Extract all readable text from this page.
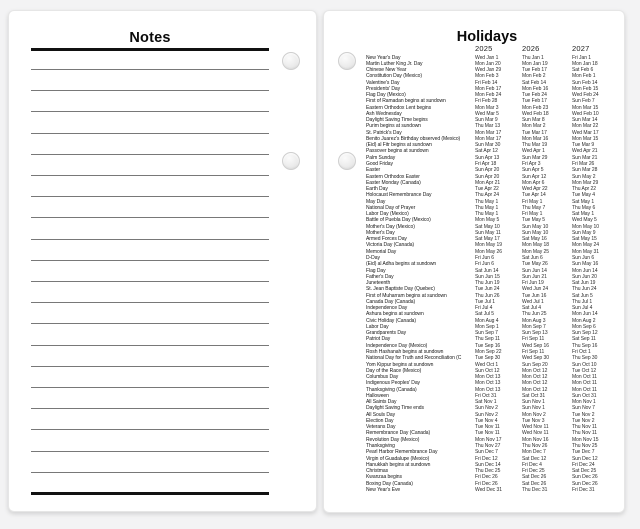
Notes	Holidays
2025	2026	2027
New Year's Day	Wed Jan 1	Thu Jan 1	Fri Jan 1
Martin Luther King Jr. Day	Mon Jan 20	Mon Jan 19	Mon Jan 18
Chinese New Year	Wed Jan 29	Tue Feb 17	Sat Feb 6
Constitution Day (Mexico)	Mon Feb 3	Mon Feb 2	Mon Feb 1
Valentine's Day	Fri Feb 14	Sat Feb 14	Sun Feb 14
Presidents' Day	Mon Feb 17	Mon Feb 16	Mon Feb 15
Flag Day (Mexico)	Mon Feb 24	Tue Feb 24	Wed Feb 24
First of Ramadan begins at sundown	Fri Feb 28	Tue Feb 17	Sun Feb 7
Eastern Orthodox Lent begins	Mon Mar 3	Mon Feb 23	Mon Mar 15
Ash Wednesday	Wed Mar 5	Wed Feb 18	Wed Feb 10
Daylight Saving Time begins	Sun Mar 9	Sun Mar 8	Sun Mar 14
Purim begins at sundown	Thu Mar 13	Mon Mar 2	Mon Mar 22
St. Patrick's Day	Mon Mar 17	Tue Mar 17	Wed Mar 17
Benito Juarez's Birthday observed (Mexico)	Mon Mar 17	Mon Mar 16	Mon Mar 15
(Eid) al Fitr begins at sundown	Sun Mar 30	Thu Mar 19	Tue Mar 9
Passover begins at sundown	Sat Apr 12	Wed Apr 1	Wed Apr 21
Palm Sunday	Sun Apr 13	Sun Mar 29	Sun Mar 21
Good Friday	Fri Apr 18	Fri Apr 3	Fri Mar 26
Easter	Sun Apr 20	Sun Apr 5	Sun Mar 28
Eastern Orthodox Easter	Sun Apr 20	Sun Apr 12	Sun May 2
Easter Monday (Canada)	Mon Apr 21	Mon Apr 6	Mon Mar 29
Earth Day	Tue Apr 22	Wed Apr 22	Thu Apr 22
Holocaust Remembrance Day	Thu Apr 24	Tue Apr 14	Tue May 4
May Day	Thu May 1	Fri May 1	Sat May 1
National Day of Prayer	Thu May 1	Thu May 7	Thu May 6
Labor Day (Mexico)	Thu May 1	Fri May 1	Sat May 1
Battle of Puebla Day (Mexico)	Mon May 5	Tue May 5	Wed May 5
Mother's Day (Mexico)	Sat May 10	Sun May 10	Mon May 10
Mother's Day	Sun May 11	Sun May 10	Sun May 9
Armed Forces Day	Sat May 17	Sat May 16	Sat May 15
Victoria Day (Canada)	Mon May 19	Mon May 18	Mon May 24
Memorial Day	Mon May 26	Mon May 25	Mon May 31
D-Day	Fri Jun 6	Sat Jun 6	Sun Jun 6
(Eid) al Adha begins at sundown	Fri Jun 6	Tue May 26	Sun May 16
Flag Day	Sat Jun 14	Sun Jun 14	Mon Jun 14
Father's Day	Sun Jun 15	Sun Jun 21	Sun Jun 20
Juneteenth	Thu Jun 19	Fri Jun 19	Sat Jun 19
St. Jean Baptiste Day (Quebec)	Tue Jun 24	Wed Jun 24	Thu Jun 24
First of Muharram begins at sundown	Thu Jun 26	Tue Jun 16	Sat Jun 5
Canada Day (Canada)	Tue Jul 1	Wed Jul 1	Thu Jul 1
Independence Day	Fri Jul 4	Sat Jul 4	Sun Jul 4
Ashura begins at sundown	Sat Jul 5	Thu Jun 25	Mon Jun 14
Civic Holiday (Canada)	Mon Aug 4	Mon Aug 3	Mon Aug 2
Labor Day	Mon Sep 1	Mon Sep 7	Mon Sep 6
Grandparents Day	Sun Sep 7	Sun Sep 13	Sun Sep 12
Patriot Day	Thu Sep 11	Fri Sep 11	Sat Sep 11
Independence Day (Mexico)	Tue Sep 16	Wed Sep 16	Thu Sep 16
Rosh Hashanah begins at sundown	Mon Sep 22	Fri Sep 11	Fri Oct 1
National Day for Truth and Reconciliation (C	Tue Sep 30	Wed Sep 30	Thu Sep 30
Yom Kippur begins at sundown	Wed Oct 1	Sun Sep 20	Sun Oct 10
Day of the Race (Mexico)	Sun Oct 12	Mon Oct 12	Tue Oct 12
Columbus Day	Mon Oct 13	Mon Oct 12	Mon Oct 11
Indigenous Peoples' Day	Mon Oct 13	Mon Oct 12	Mon Oct 11
Thanksgiving (Canada)	Mon Oct 13	Mon Oct 12	Mon Oct 11
Halloween	Fri Oct 31	Sat Oct 31	Sun Oct 31
All Saints Day	Sat Nov 1	Sun Nov 1	Mon Nov 1
Daylight Saving Time ends	Sun Nov 2	Sun Nov 1	Sun Nov 7
All Souls Day	Sun Nov 2	Mon Nov 2	Tue Nov 2
Election Day	Tue Nov 4	Tue Nov 3	Tue Nov 2
Veterans Day	Tue Nov 11	Wed Nov 11	Thu Nov 11
Remembrance Day (Canada)	Tue Nov 11	Wed Nov 11	Thu Nov 11
Revolution Day (Mexico)	Mon Nov 17	Mon Nov 16	Mon Nov 15
Thanksgiving	Thu Nov 27	Thu Nov 26	Thu Nov 25
Pearl Harbor Remembrance Day	Sun Dec 7	Mon Dec 7	Tue Dec 7
Virgin of Guadalupe (Mexico)	Fri Dec 12	Sat Dec 12	Sun Dec 12
Hanukkah begins at sundown	Sun Dec 14	Fri Dec 4	Fri Dec 24
Christmas	Thu Dec 25	Fri Dec 25	Sat Dec 25
Kwanzaa begins	Fri Dec 26	Sat Dec 26	Sun Dec 26
Boxing Day (Canada)	Fri Dec 26	Sat Dec 26	Sun Dec 26
New Year's Eve	Wed Dec 31	Thu Dec 31	Fri Dec 31
